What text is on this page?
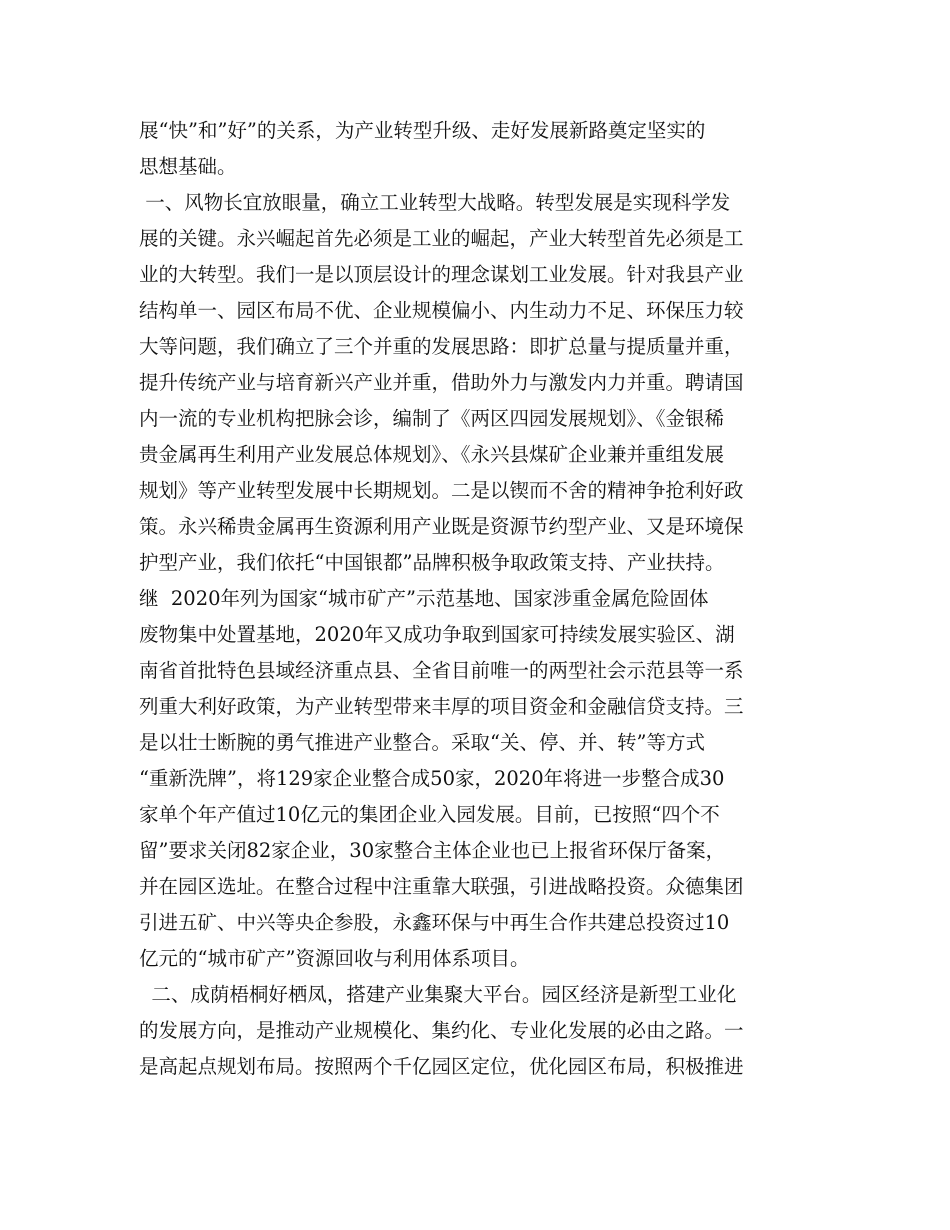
展“快”和”好”的关系，为产业转型升级、走好发展新路奠定坚实的
思想基础。
一、风物长宜放眼量，确立工业转型大战略。转型发展是实现科学发
展的关键。永兴崛起首先必须是工业的崛起，产业大转型首先必须是工
业的大转型。我们一是以顶层设计的理念谋划工业发展。针对我县产业
结构单一、园区布局不优、企业规模偏小、内生动力不足、环保压力较
大等问题，我们确立了三个并重的发展思路：即扩总量与提质量并重，
提升传统产业与培育新兴产业并重，借助外力与激发内力并重。聘请国
内一流的专业机构把脉会诊，编制了《两区四园发展规划》、《金银稀
贵金属再生利用产业发展总体规划》、《永兴县煤矿企业兼并重组发展
规划》等产业转型发展中长期规划。二是以锲而不舍的精神争抢利好政
策。永兴稀贵金属再生资源利用产业既是资源节约型产业、又是环境保
护型产业，我们依托“中国银都”品牌积极争取政策支持、产业扶持。
继  2020年列为国家“城市矿产”示范基地、国家涉重金属危险固体
废物集中处置基地，2020年又成功争取到国家可持续发展实验区、湖
南省首批特色县域经济重点县、全省目前唯一的两型社会示范县等一系
列重大利好政策，为产业转型带来丰厚的项目资金和金融信贷支持。三
是以壮士断腕的勇气推进产业整合。采取“关、停、并、转”等方式
“重新洗牌”，将129家企业整合成50家，2020年将进一步整合成30
家单个年产值过10亿元的集团企业入园发展。目前，已按照“四个不
留”要求关闭82家企业，30家整合主体企业也已上报省环保厅备案，
并在园区选址。在整合过程中注重靠大联强，引进战略投资。众德集团
引进五矿、中兴等央企参股，永鑫环保与中再生合作共建总投资过10
亿元的“城市矿产”资源回收与利用体系项目。
二、成荫梧桐好栖凤，搭建产业集聚大平台。园区经济是新型工业化
的发展方向，是推动产业规模化、集约化、专业化发展的必由之路。一
是高起点规划布局。按照两个千亿园区定位，优化园区布局，积极推进
